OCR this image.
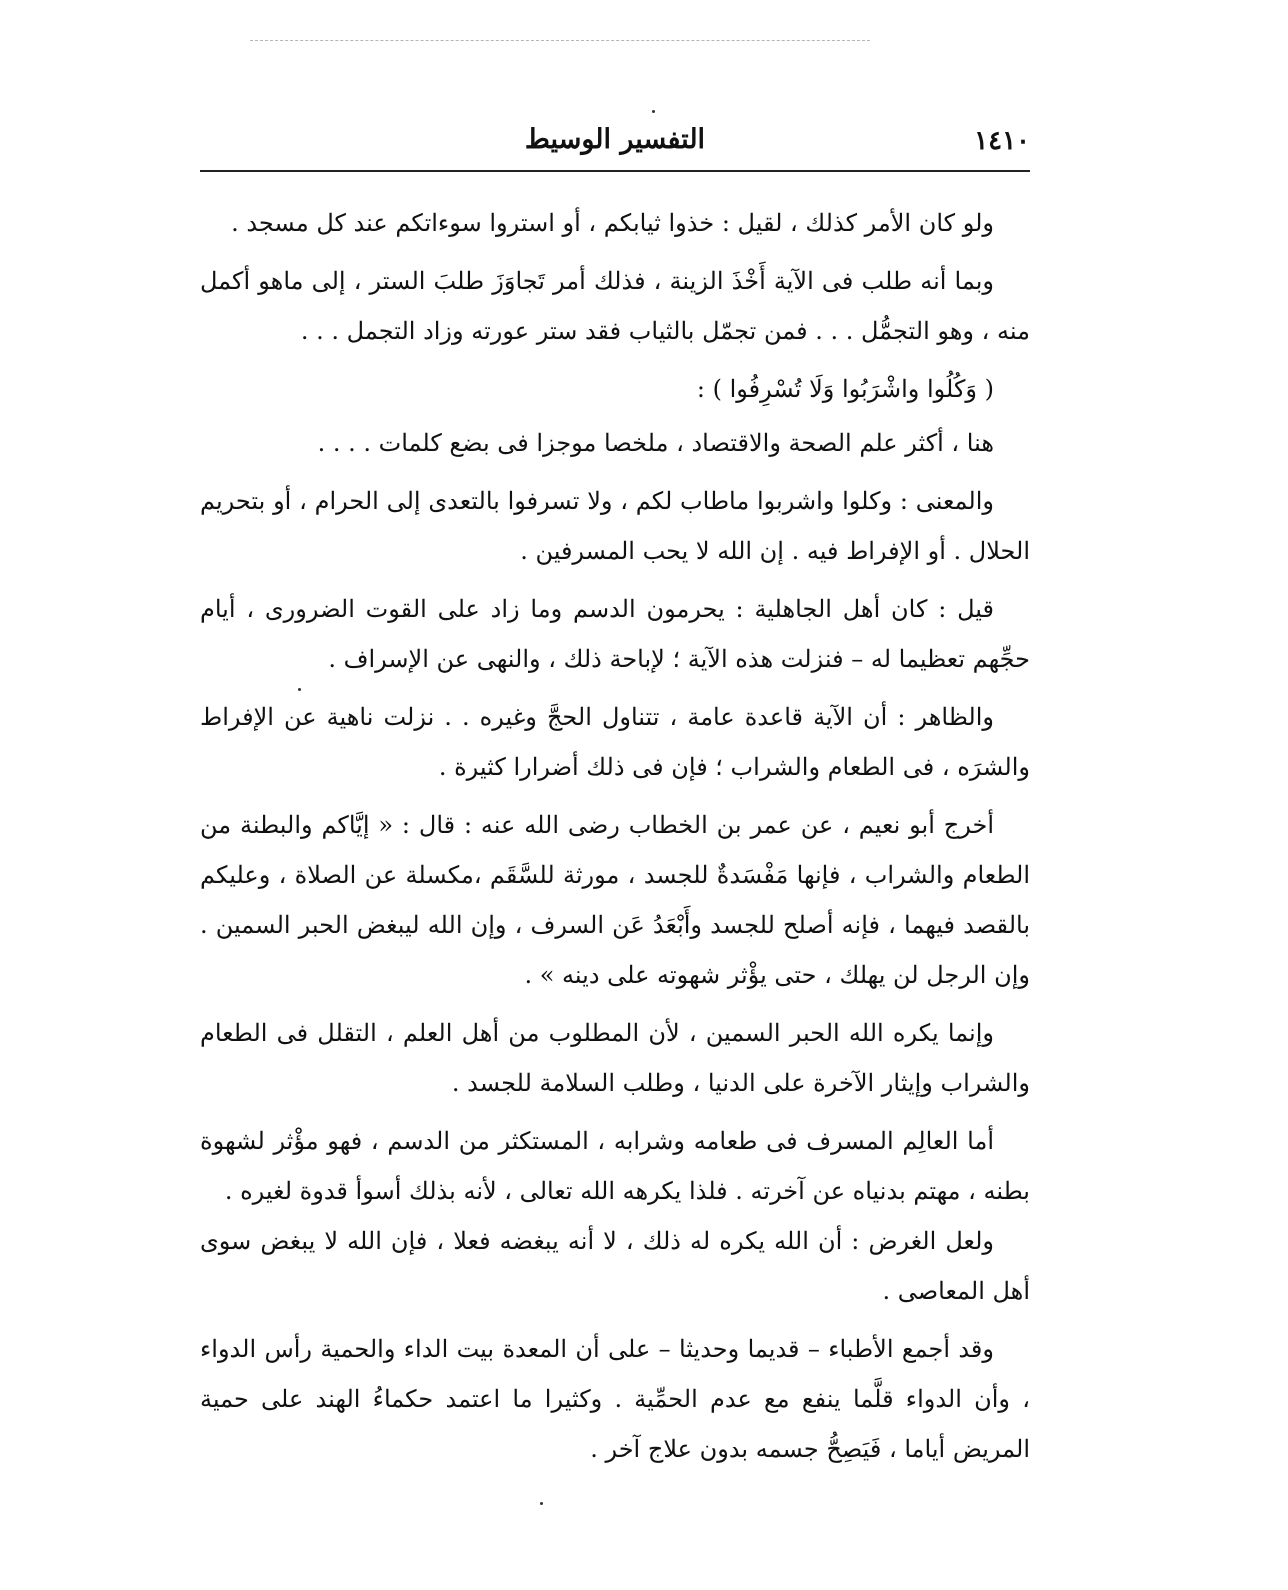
١٤١٠
التفسير الوسيط

ولو كان الأمر كذلك ، لقيل : خذوا ثيابكم ، أو استروا سوءاتكم عند كل مسجد .

وبما أنه طلب فى الآية أَخْذَ الزينة ، فذلك أمر تَجاوَزَ طلبَ الستر ، إلى ماهو أكمل منه ، وهو التجمُّل . . . فمن تجمّل بالثياب فقد ستر عورته وزاد التجمل . . .

( وَكُلُوا واشْرَبُوا وَلَا تُسْرِفُوا ) :

هنا ، أكثر علم الصحة والاقتصاد ، ملخصا موجزا فى بضع كلمات . . . .

والمعنى : وكلوا واشربوا ماطاب لكم ، ولا تسرفوا بالتعدى إلى الحرام ، أو بتحريم الحلال . أو الإفراط فيه . إن الله لا يحب المسرفين .

قيل : كان أهل الجاهلية : يحرمون الدسم وما زاد على القوت الضرورى ، أيام حجِّهم تعظيما له – فنزلت هذه الآية ؛ لإباحة ذلك ، والنهى عن الإسراف .

والظاهر : أن الآية قاعدة عامة ، تتناول الحجَّ وغيره . . نزلت ناهية عن الإفراط والشرَه ، فى الطعام والشراب ؛ فإن فى ذلك أضرارا كثيرة .

أخرج أبو نعيم ، عن عمر بن الخطاب رضى الله عنه : قال : « إيَّاكم والبطنة من الطعام والشراب ، فإنها مَفْسَدةٌ للجسد ، مورثة للسَّقَم ،مكسلة عن الصلاة ، وعليكم بالقصد فيهما ، فإنه أصلح للجسد وأَبْعَدُ عَن السرف ، وإن الله ليبغض الحبر السمين . وإن الرجل لن يهلك ، حتى يؤْثر شهوته على دينه » .

وإنما يكره الله الحبر السمين ، لأن المطلوب من أهل العلم ، التقلل فى الطعام والشراب وإيثار الآخرة على الدنيا ، وطلب السلامة للجسد .

أما العالِم المسرف فى طعامه وشرابه ، المستكثر من الدسم ، فهو مؤْثر لشهوة بطنه ، مهتم بدنياه عن آخرته . فلذا يكرهه الله تعالى ، لأنه بذلك أسوأ قدوة لغيره .

ولعل الغرض : أن الله يكره له ذلك ، لا أنه يبغضه فعلا ، فإن الله لا يبغض سوى أهل المعاصى .

وقد أجمع الأطباء – قديما وحديثا – على أن المعدة بيت الداء والحمية رأس الدواء ، وأن الدواء قلَّما ينفع مع عدم الحمِّية . وكثيرا ما اعتمد حكماءُ الهند على حمية المريض أياما ، فَيَصِحُّ جسمه بدون علاج آخر .
